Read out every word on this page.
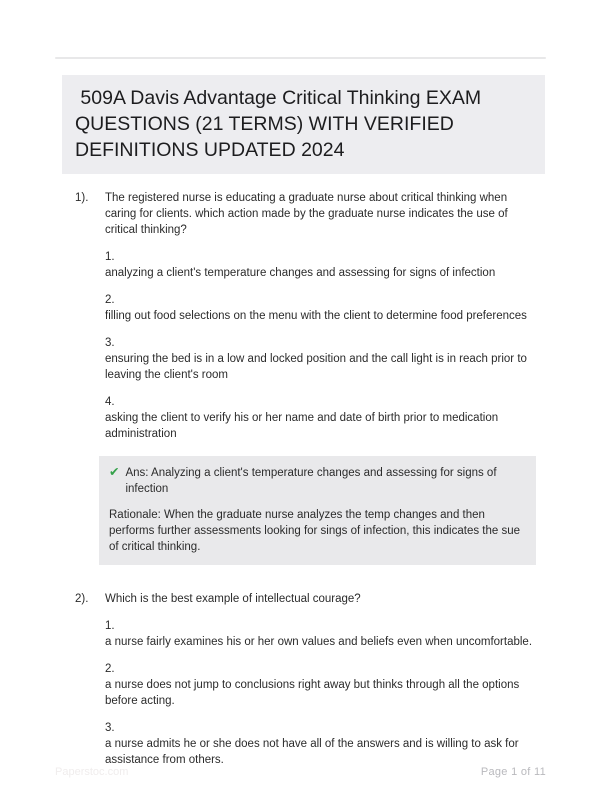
509A Davis Advantage Critical Thinking EXAM QUESTIONS (21 TERMS) WITH VERIFIED DEFINITIONS UPDATED 2024
1).	The registered nurse is educating a graduate nurse about critical thinking when caring for clients. which action made by the graduate nurse indicates the use of critical thinking?
1.
analyzing a client's temperature changes and assessing for signs of infection
2.
filling out food selections on the menu with the client to determine food preferences
3.
ensuring the bed is in a low and locked position and the call light is in reach prior to leaving the client's room
4.
asking the client to verify his or her name and date of birth prior to medication administration
✔ Ans: Analyzing a client's temperature changes and assessing for signs of infection
Rationale: When the graduate nurse analyzes the temp changes and then performs further assessments looking for sings of infection, this indicates the sue of critical thinking.
2).	Which is the best example of intellectual courage?
1.
a nurse fairly examines his or her own values and beliefs even when uncomfortable.
2.
a nurse does not jump to conclusions right away but thinks through all the options before acting.
3.
a nurse admits he or she does not have all of the answers and is willing to ask for assistance from others.
Paperstoc.com	Page 1 of 11
